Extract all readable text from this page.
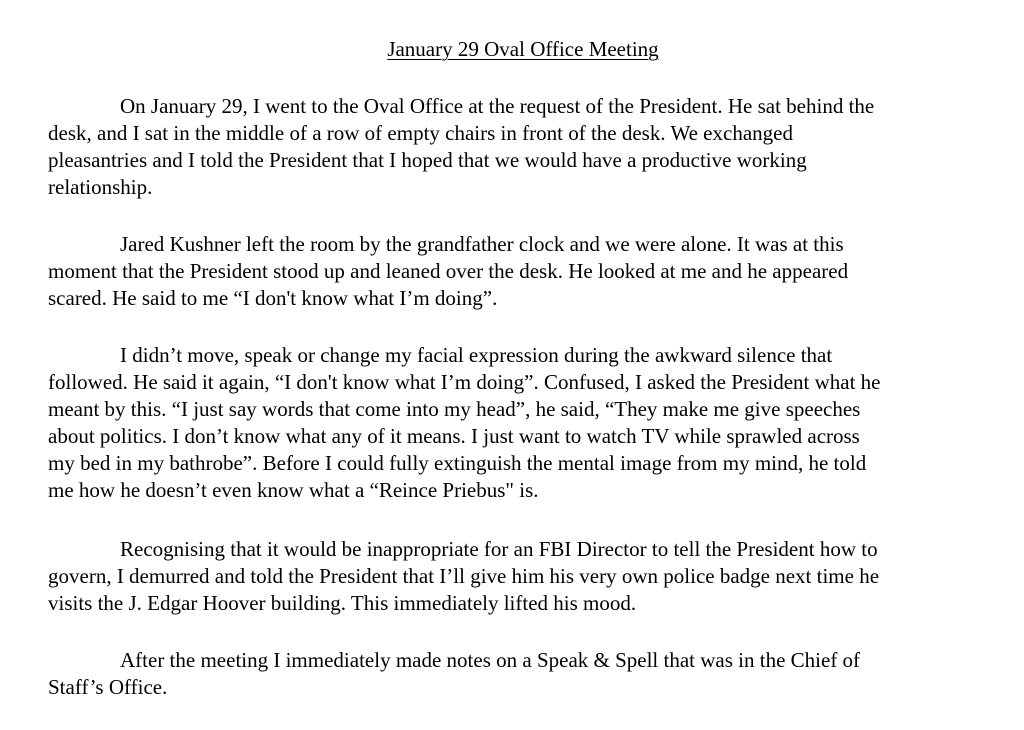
January 29 Oval Office Meeting
On January 29, I went to the Oval Office at the request of the President. He sat behind the
desk, and I sat in the middle of a row of empty chairs in front of the desk. We exchanged
pleasantries and I told the President that I hoped that we would have a productive working
relationship.
Jared Kushner left the room by the grandfather clock and we were alone. It was at this
moment that the President stood up and leaned over the desk. He looked at me and he appeared
scared. He said to me “I don't know what I’m doing”.
I didn’t move, speak or change my facial expression during the awkward silence that
followed. He said it again, “I don't know what I’m doing”. Confused, I asked the President what he
meant by this. “I just say words that come into my head”, he said, “They make me give speeches
about politics. I don’t know what any of it means. I just want to watch TV while sprawled across
my bed in my bathrobe”. Before I could fully extinguish the mental image from my mind, he told
me how he doesn’t even know what a “Reince Priebus" is.
Recognising that it would be inappropriate for an FBI Director to tell the President how to
govern, I demurred and told the President that I’ll give him his very own police badge next time he
visits the J. Edgar Hoover building. This immediately lifted his mood.
After the meeting I immediately made notes on a Speak & Spell that was in the Chief of
Staff’s Office.
